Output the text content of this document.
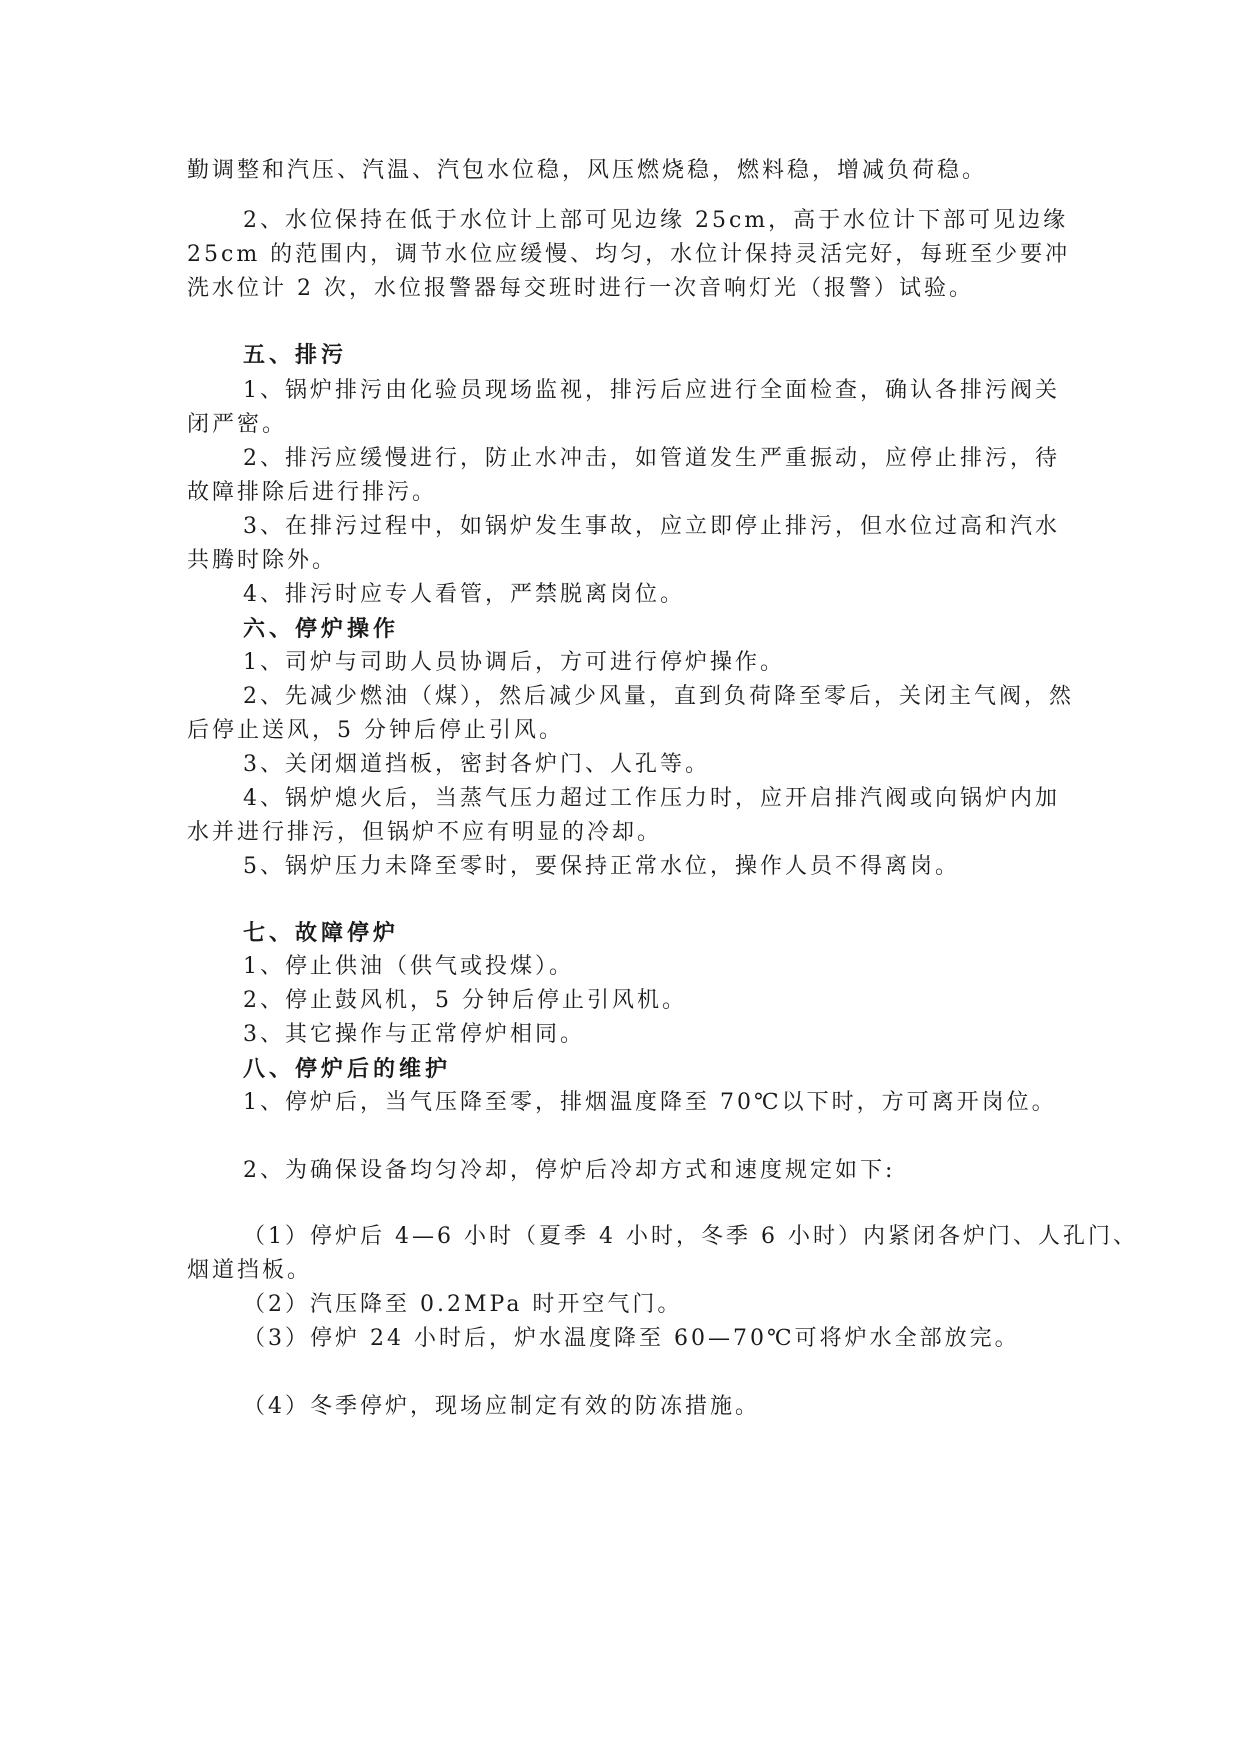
勤调整和汽压、汽温、汽包水位稳，风压燃烧稳，燃料稳，增减负荷稳。
2、水位保持在低于水位计上部可见边缘 25cm，高于水位计下部可见边缘
25cm 的范围内，调节水位应缓慢、均匀，水位计保持灵活完好，每班至少要冲
洗水位计 2 次，水位报警器每交班时进行一次音响灯光（报警）试验。
五、排污
1、锅炉排污由化验员现场监视，排污后应进行全面检查，确认各排污阀关
闭严密。
2、排污应缓慢进行，防止水冲击，如管道发生严重振动，应停止排污，待
故障排除后进行排污。
3、在排污过程中，如锅炉发生事故，应立即停止排污，但水位过高和汽水
共腾时除外。
4、排污时应专人看管，严禁脱离岗位。
六、停炉操作
1、司炉与司助人员协调后，方可进行停炉操作。
2、先减少燃油（煤），然后减少风量，直到负荷降至零后，关闭主气阀，然
后停止送风，5 分钟后停止引风。
3、关闭烟道挡板，密封各炉门、人孔等。
4、锅炉熄火后，当蒸气压力超过工作压力时，应开启排汽阀或向锅炉内加
水并进行排污，但锅炉不应有明显的冷却。
5、锅炉压力未降至零时，要保持正常水位，操作人员不得离岗。
七、故障停炉
1、停止供油（供气或投煤）。
2、停止鼓风机，5 分钟后停止引风机。
3、其它操作与正常停炉相同。
八、停炉后的维护
1、停炉后，当气压降至零，排烟温度降至 70℃以下时，方可离开岗位。
2、为确保设备均匀冷却，停炉后冷却方式和速度规定如下:
（1）停炉后 4—6 小时（夏季 4 小时，冬季 6 小时）内紧闭各炉门、人孔门、
烟道挡板。
（2）汽压降至 0.2MPa 时开空气门。
（3）停炉 24 小时后，炉水温度降至 60—70℃可将炉水全部放完。
（4）冬季停炉，现场应制定有效的防冻措施。
